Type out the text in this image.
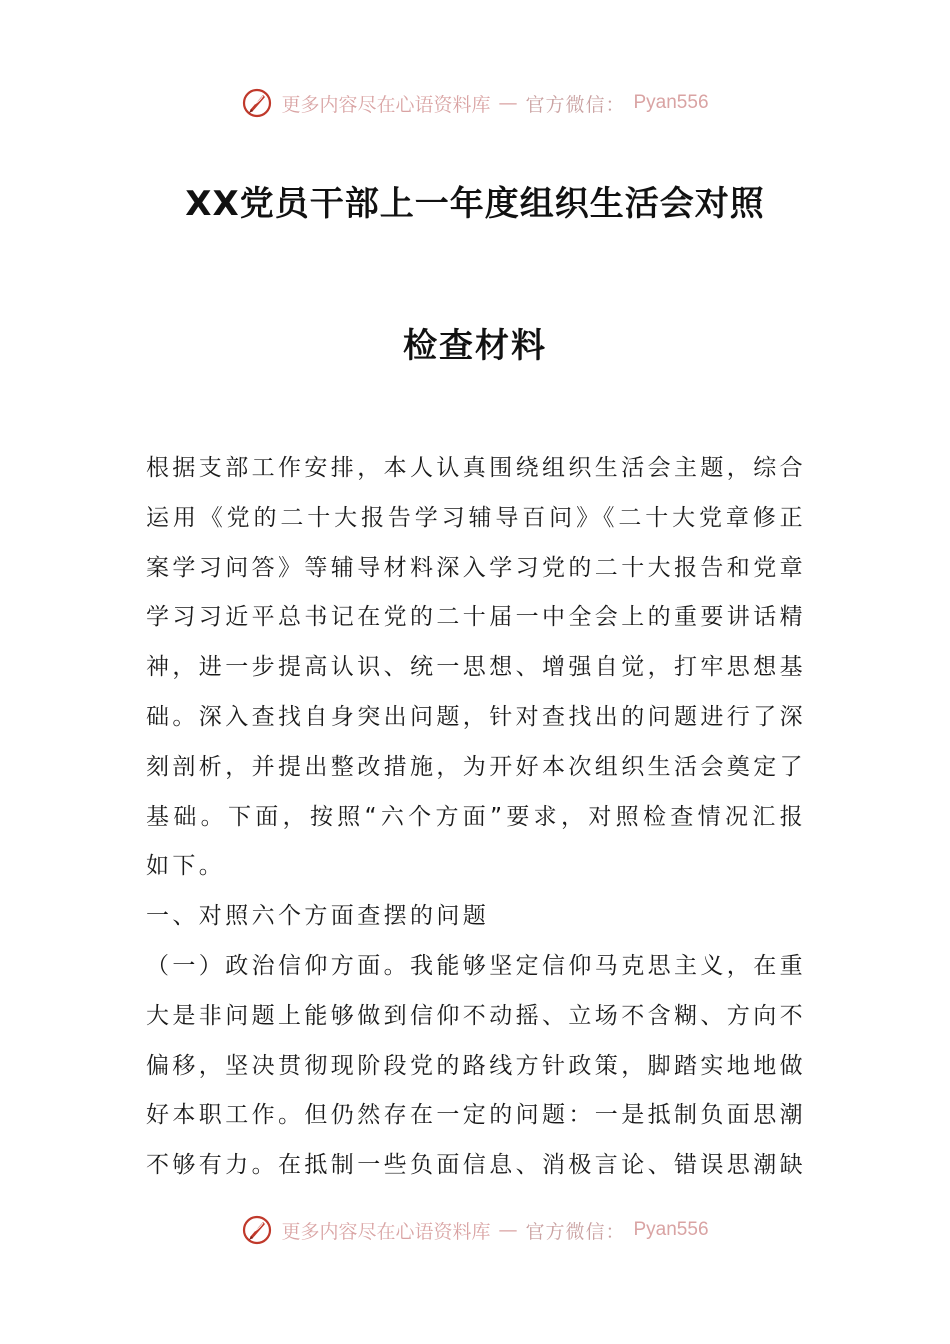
更多内容尽在心语资料库 — 官方微信： Pyan556
XX党员干部上一年度组织生活会对照
检查材料

根据支部工作安排，本人认真围绕组织生活会主题，综合运用《党的二十大报告学习辅导百问》《二十大党章修正案学习问答》等辅导材料深入学习党的二十大报告和党章学习习近平总书记在党的二十届一中全会上的重要讲话精神，进一步提高认识、统一思想、增强自觉，打牢思想基础。深入查找自身突出问题，针对查找出的问题进行了深刻剖析，并提出整改措施，为开好本次组织生活会奠定了基础。下面，按照“六个方面”要求，对照检查情况汇报如下。

一、对照六个方面查摆的问题

（一）政治信仰方面。我能够坚定信仰马克思主义，在重大是非问题上能够做到信仰不动摇、立场不含糊、方向不偏移，坚决贯彻现阶段党的路线方针政策，脚踏实地地做好本职工作。但仍然存在一定的问题：一是抵制负面思潮不够有力。在抵制一些负面信息、消极言论、错误思潮缺

更多内容尽在心语资料库 — 官方微信： Pyan556
